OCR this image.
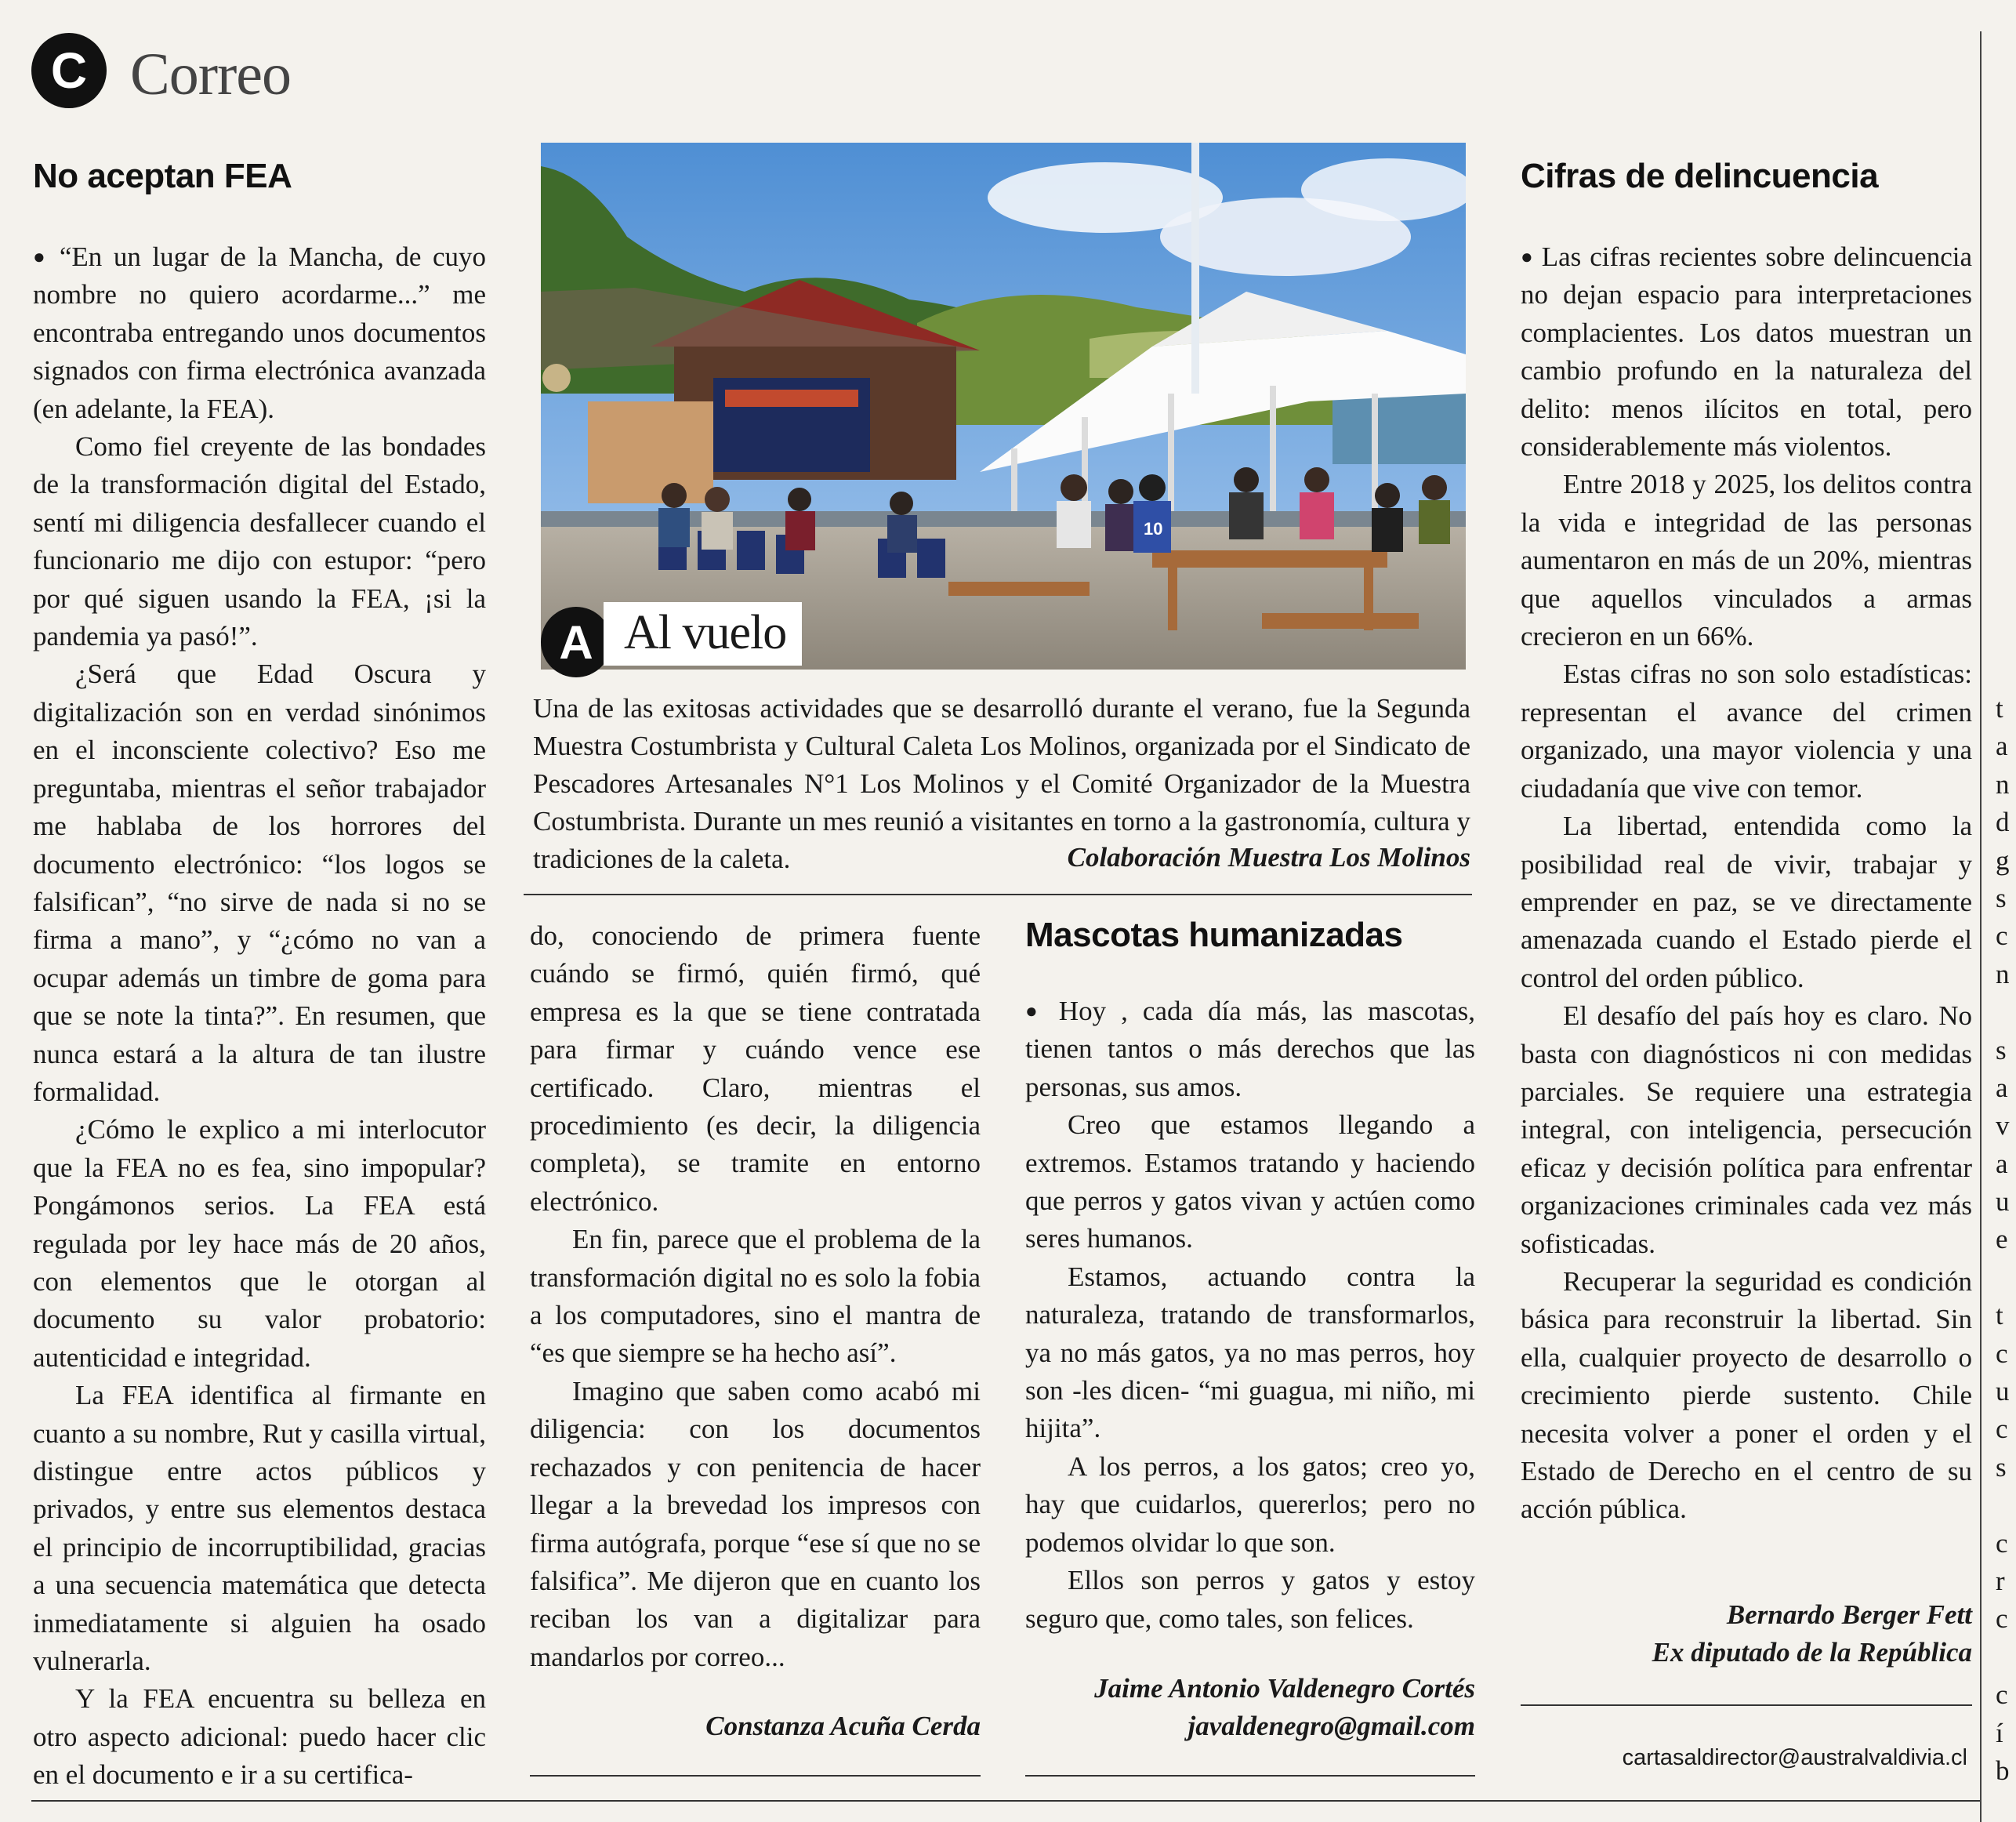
C Correo
No aceptan FEA

● “En un lugar de la Mancha, de cuyo nombre no quiero acordarme...” me encontraba entregando unos documentos signados con firma electrónica avanzada (en adelante, la FEA).

Como fiel creyente de las bondades de la transformación digital del Estado, sentí mi diligencia desfallecer cuando el funcionario me dijo con estupor: “pero por qué siguen usando la FEA, ¡si la pandemia ya pasó!”.

¿Será que Edad Oscura y digitalización son en verdad sinónimos en el inconsciente colectivo? Eso me preguntaba, mientras el señor trabajador me hablaba de los horrores del documento electrónico: “los logos se falsifican”, “no sirve de nada si no se firma a mano”, y “¿cómo no van a ocupar además un timbre de goma para que se note la tinta?”. En resumen, que nunca estará a la altura de tan ilustre formalidad.

¿Cómo le explico a mi interlocutor que la FEA no es fea, sino impopular? Pongámonos serios. La FEA está regulada por ley hace más de 20 años, con elementos que le otorgan al documento su valor probatorio: autenticidad e integridad.

La FEA identifica al firmante en cuanto a su nombre, Rut y casilla virtual, distingue entre actos públicos y privados, y entre sus elementos destaca el principio de incorruptibilidad, gracias a una secuencia matemática que detecta inmediatamente si alguien ha osado vulnerarla.

Y la FEA encuentra su belleza en otro aspecto adicional: puedo hacer clic en el documento e ir a su certifica-

do, conociendo de primera fuente cuándo se firmó, quién firmó, qué empresa es la que se tiene contratada para firmar y cuándo vence ese certificado. Claro, mientras el procedimiento (es decir, la diligencia completa), se tramite en entorno electrónico.

En fin, parece que el problema de la transformación digital no es solo la fobia a los computadores, sino el mantra de “es que siempre se ha hecho así”.

Imagino que saben como acabó mi diligencia: con los documentos rechazados y con penitencia de hacer llegar a la brevedad los impresos con firma autógrafa, porque “ese sí que no se falsifica”. Me dijeron que en cuanto los reciban los van a digitalizar para mandarlos por correo...

Constanza Acuña Cerda
10
A Al vuelo
Una de las exitosas actividades que se desarrolló durante el verano, fue la Segunda Muestra Costumbrista y Cultural Caleta Los Molinos, organizada por el Sindicato de Pescadores Artesanales N°1 Los Molinos y el Comité Organizador de la Muestra Costumbrista. Durante un mes reunió a visitantes en torno a la gastronomía, cultura y tradiciones de la caleta.	Colaboración Muestra Los Molinos
Mascotas humanizadas

● Hoy , cada día más, las mascotas, tienen tantos o más derechos que las personas, sus amos.

Creo que estamos llegando a extremos. Estamos tratando y haciendo que perros y gatos vivan y actúen como seres humanos.

Estamos, actuando contra la naturaleza, tratando de transformarlos, ya no más gatos, ya no mas perros, hoy son -les dicen- “mi guagua, mi niño, mi hijita”.

A los perros, a los gatos; creo yo, hay que cuidarlos, quererlos; pero no podemos olvidar lo que son.

Ellos son perros y gatos y estoy seguro que, como tales, son felices.

Jaime Antonio Valdenegro Cortés
javaldenegro@gmail.com
Cifras de delincuencia

● Las cifras recientes sobre delincuencia no dejan espacio para interpretaciones complacientes. Los datos muestran un cambio profundo en la naturaleza del delito: menos ilícitos en total, pero considerablemente más violentos.

Entre 2018 y 2025, los delitos contra la vida e integridad de las personas aumentaron en más de un 20%, mientras que aquellos vinculados a armas crecieron en un 66%.

Estas cifras no son solo estadísticas: representan el avance del crimen organizado, una mayor violencia y una ciudadanía que vive con temor.

La libertad, entendida como la posibilidad real de vivir, trabajar y emprender en paz, se ve directamente amenazada cuando el Estado pierde el control del orden público.

El desafío del país hoy es claro. No basta con diagnósticos ni con medidas parciales. Se requiere una estrategia integral, con inteligencia, persecución eficaz y decisión política para enfrentar organizaciones criminales cada vez más sofisticadas.

Recuperar la seguridad es condición básica para reconstruir la libertad. Sin ella, cualquier proyecto de desarrollo o crecimiento pierde sustento. Chile necesita volver a poner el orden y el Estado de Derecho en el centro de su acción pública.

Bernardo Berger Fett
Ex diputado de la República
cartasaldirector@australvaldivia.cl
t
a
n
d
g
s
c
n
s
a
v
a
u
e
t
c
u
c
s
c
r
c
c
í
b
